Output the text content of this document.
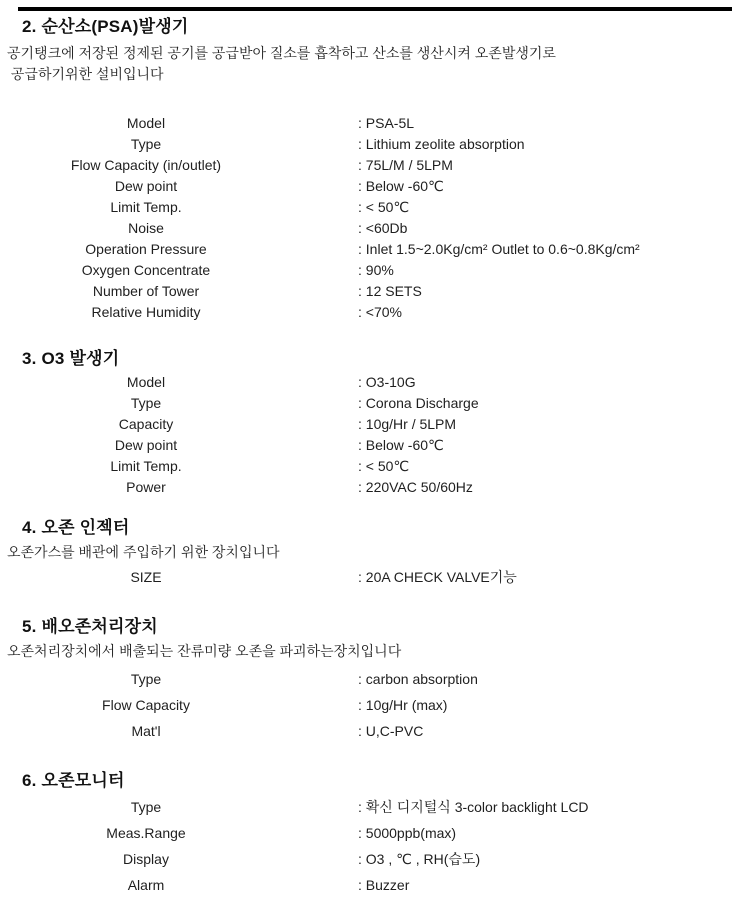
2. 순산소(PSA)발생기
공기탱크에 저장된 정제된 공기를 공급받아 질소를 흡착하고 산소를 생산시켜 오존발생기로
공급하기위한 설비입니다
Model	: PSA-5L
Type	: Lithium zeolite absorption
Flow Capacity (in/outlet)	: 75L/M / 5LPM
Dew point	: Below -60℃
Limit Temp.	: < 50℃
Noise	: <60Db
Operation Pressure	: Inlet 1.5~2.0Kg/cm² Outlet to 0.6~0.8Kg/cm²
Oxygen Concentrate	: 90%
Number of Tower	: 12 SETS
Relative Humidity	: <70%
3. O3 발생기
Model	: O3-10G
Type	: Corona Discharge
Capacity	: 10g/Hr / 5LPM
Dew point	: Below -60℃
Limit Temp.	: < 50℃
Power	: 220VAC 50/60Hz
4. 오존 인젝터
오존가스를 배관에 주입하기 위한 장치입니다
SIZE	: 20A CHECK VALVE기능
5. 배오존처리장치
오존처리장치에서 배출되는 잔류미량 오존을 파괴하는장치입니다
Type	: carbon absorption
Flow Capacity	: 10g/Hr (max)
Mat'l	: U,C-PVC
6. 오존모니터
Type	: 확신 디지털식 3-color backlight LCD
Meas.Range	: 5000ppb(max)
Display	: O3 , ℃ , RH(습도)
Alarm	: Buzzer
